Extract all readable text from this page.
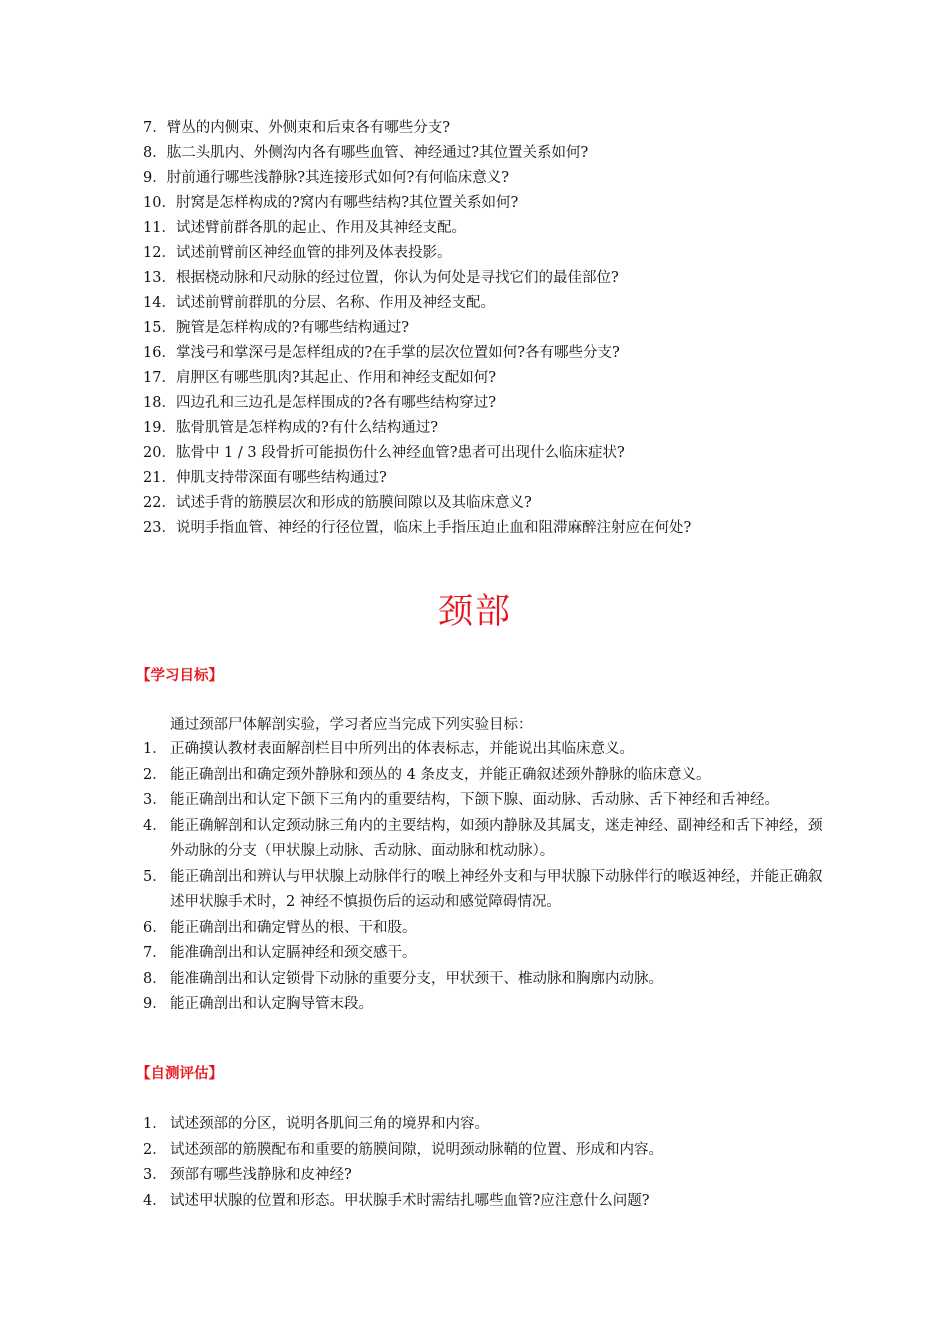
7．臂丛的内侧束、外侧束和后束各有哪些分支?
8．肱二头肌内、外侧沟内各有哪些血管、神经通过?其位置关系如何?
9．肘前通行哪些浅静脉?其连接形式如何?有何临床意义?
10．肘窝是怎样构成的?窝内有哪些结构?其位置关系如何?
11．试述臂前群各肌的起止、作用及其神经支配。
12．试述前臂前区神经血管的排列及体表投影。
13．根据桡动脉和尺动脉的经过位置，你认为何处是寻找它们的最佳部位?
14．试述前臂前群肌的分层、名称、作用及神经支配。
15．腕管是怎样构成的?有哪些结构通过?
16．掌浅弓和掌深弓是怎样组成的?在手掌的层次位置如何?各有哪些分支?
17．肩胛区有哪些肌肉?其起止、作用和神经支配如何?
18．四边孔和三边孔是怎样围成的?各有哪些结构穿过?
19．肱骨肌管是怎样构成的?有什么结构通过?
20．肱骨中 1 / 3 段骨折可能损伤什么神经血管?患者可出现什么临床症状?
21．伸肌支持带深面有哪些结构通过?
22．试述手背的筋膜层次和形成的筋膜间隙以及其临床意义?
23．说明手指血管、神经的行径位置，临床上手指压迫止血和阻滞麻醉注射应在何处?
颈部
【学习目标】
通过颈部尸体解剖实验，学习者应当完成下列实验目标：
1． 正确摸认教材表面解剖栏目中所列出的体表标志，并能说出其临床意义。
2． 能正确剖出和确定颈外静脉和颈丛的 4 条皮支，并能正确叙述颈外静脉的临床意义。
3． 能正确剖出和认定下颌下三角内的重要结构，下颌下腺、面动脉、舌动脉、舌下神经和舌神经。
4． 能正确解剖和认定颈动脉三角内的主要结构，如颈内静脉及其属支，迷走神经、副神经和舌下神经，颈外动脉的分支（甲状腺上动脉、舌动脉、面动脉和枕动脉）。
5． 能正确剖出和辨认与甲状腺上动脉伴行的喉上神经外支和与甲状腺下动脉伴行的喉返神经，并能正确叙述甲状腺手术时，2 神经不慎损伤后的运动和感觉障碍情况。
6． 能正确剖出和确定臂丛的根、干和股。
7． 能准确剖出和认定膈神经和颈交感干。
8． 能准确剖出和认定锁骨下动脉的重要分支，甲状颈干、椎动脉和胸廓内动脉。
9． 能正确剖出和认定胸导管末段。
【自测评估】
1． 试述颈部的分区，说明各肌间三角的境界和内容。
2． 试述颈部的筋膜配布和重要的筋膜间隙，说明颈动脉鞘的位置、形成和内容。
3． 颈部有哪些浅静脉和皮神经?
4． 试述甲状腺的位置和形态。甲状腺手术时需结扎哪些血管?应注意什么问题?
